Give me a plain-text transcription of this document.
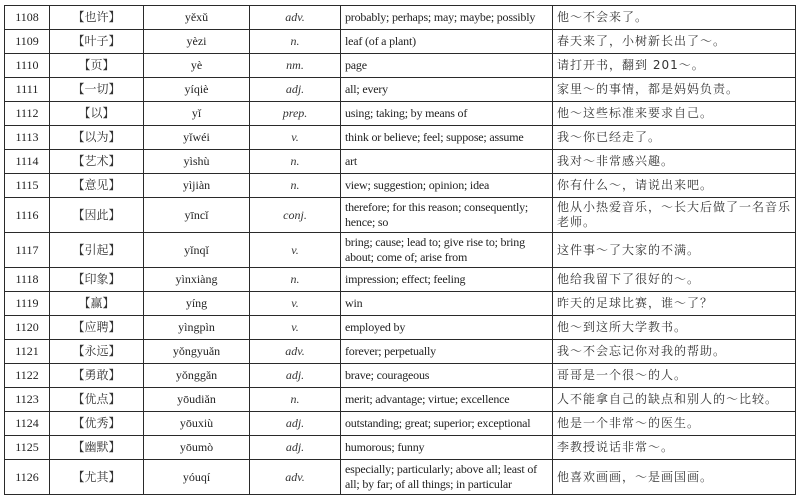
1108	【也许】	yěxǔ	adv.	probably; perhaps; may; maybe; possibly	他～不会来了。
1109	【叶子】	yèzi	n.	leaf (of a plant)	春天来了，小树新长出了～。
1110	【页】	yè	nm.	page	请打开书，翻到 201～。
1111	【一切】	yíqiè	adj.	all; every	家里～的事情，都是妈妈负责。
1112	【以】	yǐ	prep.	using; taking; by means of	他～这些标准来要求自己。
1113	【以为】	yǐwéi	v.	think or believe; feel; suppose; assume	我～你已经走了。
1114	【艺术】	yìshù	n.	art	我对～非常感兴趣。
1115	【意见】	yìjiàn	n.	view; suggestion; opinion; idea	你有什么～，请说出来吧。
1116	【因此】	yīncǐ	conj.	therefore; for this reason; consequently; hence; so	他从小热爱音乐，～长大后做了一名音乐老师。
1117	【引起】	yǐnqǐ	v.	bring; cause; lead to; give rise to; bring about; come of; arise from	这件事～了大家的不满。
1118	【印象】	yìnxiàng	n.	impression; effect; feeling	他给我留下了很好的～。
1119	【赢】	yíng	v.	win	昨天的足球比赛，谁～了？
1120	【应聘】	yìngpìn	v.	employed by	他～到这所大学教书。
1121	【永远】	yǒngyuǎn	adv.	forever; perpetually	我～不会忘记你对我的帮助。
1122	【勇敢】	yǒnggǎn	adj.	brave; courageous	哥哥是一个很～的人。
1123	【优点】	yōudiǎn	n.	merit; advantage; virtue; excellence	人不能拿自己的缺点和别人的～比较。
1124	【优秀】	yōuxiù	adj.	outstanding; great; superior; exceptional	他是一个非常～的医生。
1125	【幽默】	yōumò	adj.	humorous; funny	李教授说话非常～。
1126	【尤其】	yóuqí	adv.	especially; particularly; above all; least of all; by far; of all things; in particular	他喜欢画画，～是画国画。
